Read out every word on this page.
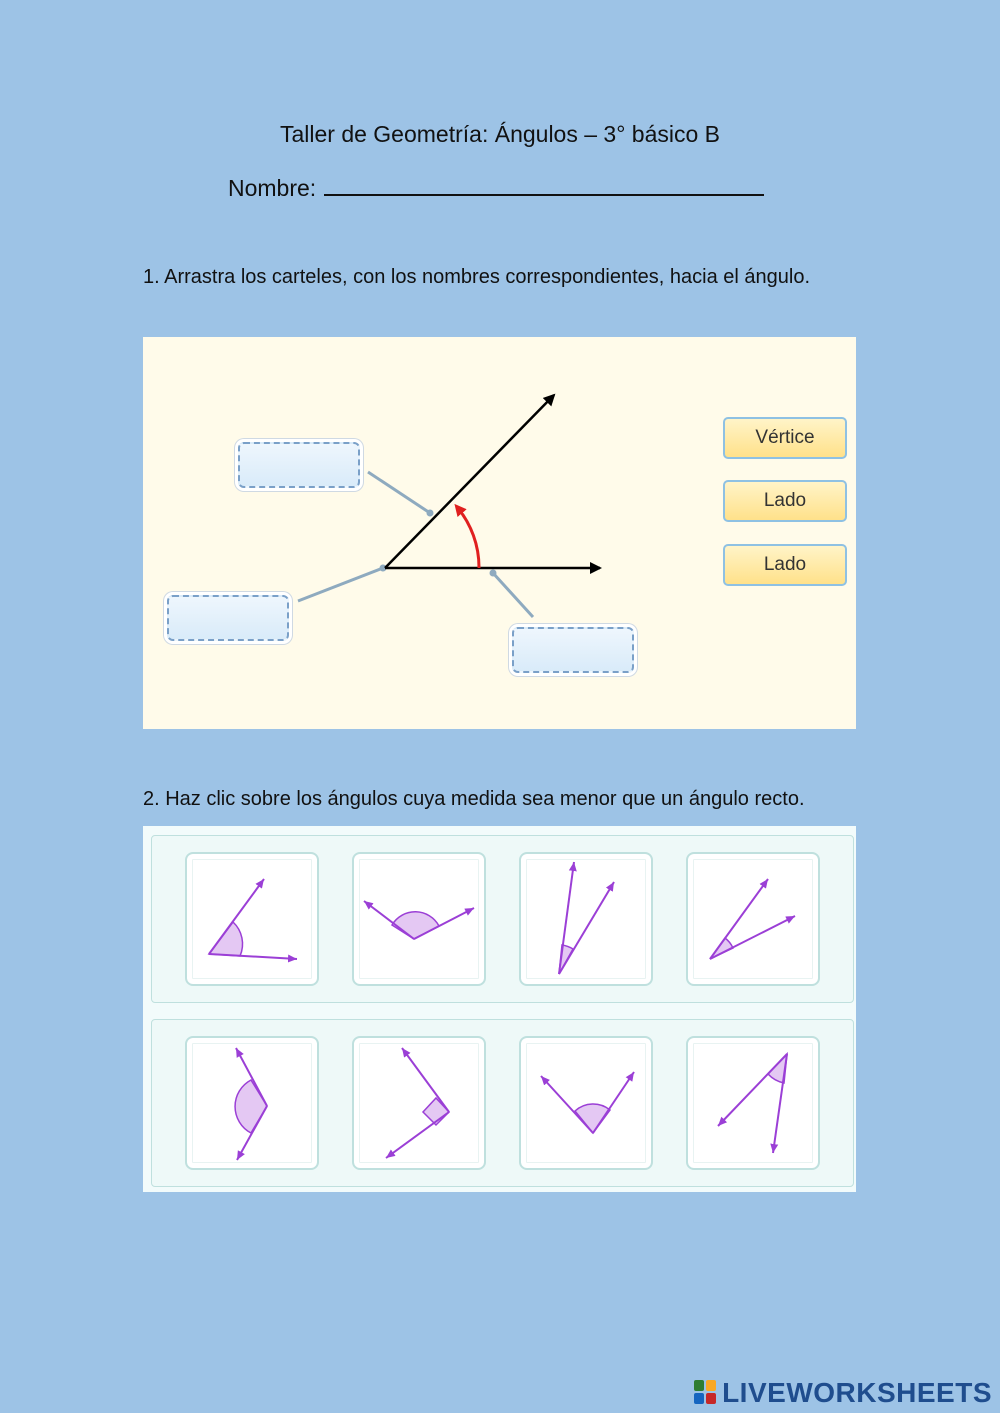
Taller de Geometría: Ángulos – 3° básico B
Nombre:
1. Arrastra los carteles, con los nombres correspondientes, hacia el ángulo.
Vértice
Lado
Lado
2. Haz clic sobre los ángulos cuya medida sea menor que un ángulo recto.
LIVEWORKSHEETS
